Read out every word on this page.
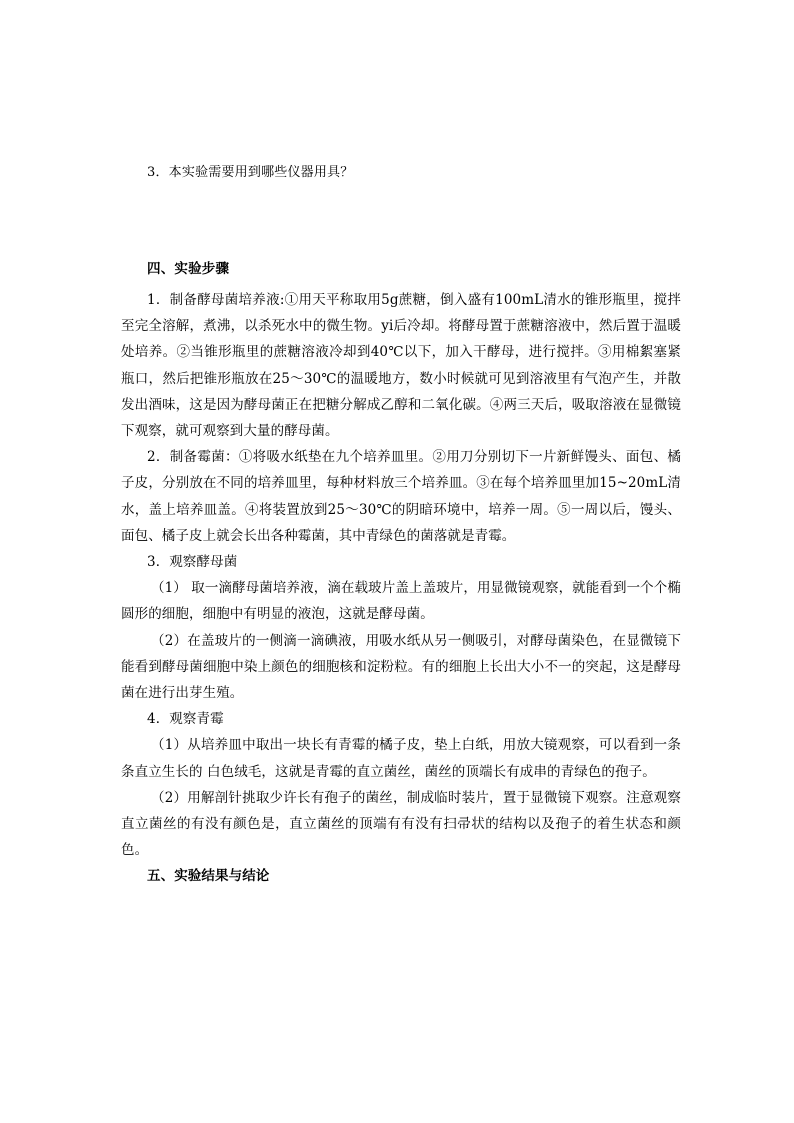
3．本实验需要用到哪些仪器用具？
四、实验步骤
1．制备酵母菌培养液:①用天平称取用5g蔗糖，倒入盛有100mL清水的锥形瓶里，搅拌至完全溶解，煮沸，以杀死水中的微生物。yi后冷却。将酵母置于蔗糖溶液中，然后置于温暖处培养。②当锥形瓶里的蔗糖溶液冷却到40℃以下，加入干酵母，进行搅拌。③用棉絮塞紧瓶口，然后把锥形瓶放在25～30℃的温暖地方，数小时候就可见到溶液里有气泡产生，并散发出酒味，这是因为酵母菌正在把糖分解成乙醇和二氧化碳。④两三天后，吸取溶液在显微镜下观察，就可观察到大量的酵母菌。
2．制备霉菌：①将吸水纸垫在九个培养皿里。②用刀分别切下一片新鲜馒头、面包、橘子皮，分别放在不同的培养皿里，每种材料放三个培养皿。③在每个培养皿里加15~20mL清水，盖上培养皿盖。④将装置放到25～30℃的阴暗环境中，培养一周。⑤一周以后，馒头、面包、橘子皮上就会长出各种霉菌，其中青绿色的菌落就是青霉。
3．观察酵母菌
（1） 取一滴酵母菌培养液，滴在载玻片盖上盖玻片，用显微镜观察，就能看到一个个椭圆形的细胞，细胞中有明显的液泡，这就是酵母菌。
（2）在盖玻片的一侧滴一滴碘液，用吸水纸从另一侧吸引，对酵母菌染色，在显微镜下能看到酵母菌细胞中染上颜色的细胞核和淀粉粒。有的细胞上长出大小不一的突起，这是酵母菌在进行出芽生殖。
4．观察青霉
（1）从培养皿中取出一块长有青霉的橘子皮，垫上白纸，用放大镜观察，可以看到一条条直立生长的 白色绒毛，这就是青霉的直立菌丝，菌丝的顶端长有成串的青绿色的孢子。
（2）用解剖针挑取少许长有孢子的菌丝，制成临时装片，置于显微镜下观察。注意观察直立菌丝的有没有颜色是，直立菌丝的顶端有有没有扫帚状的结构以及孢子的着生状态和颜色。
五、实验结果与结论
